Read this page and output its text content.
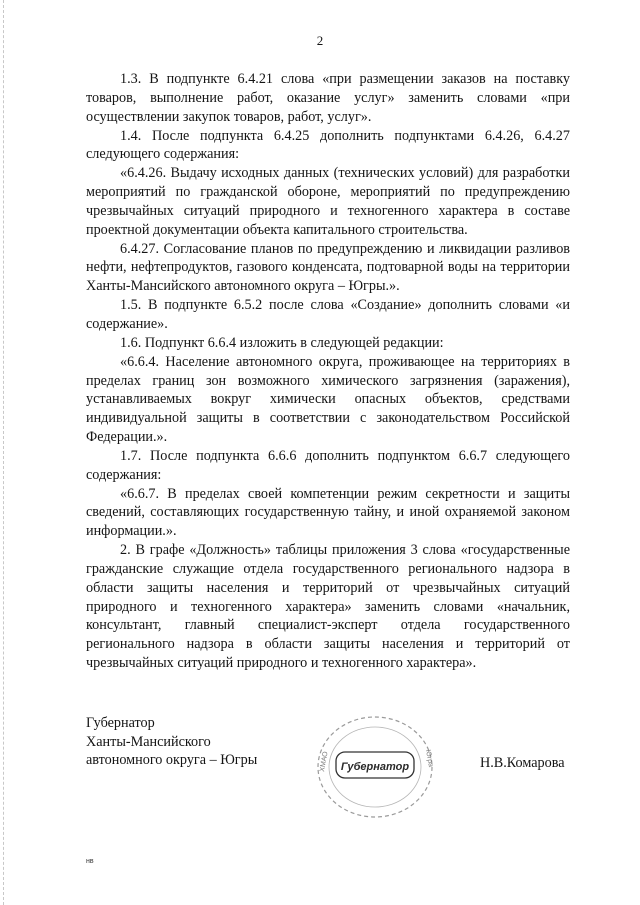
2

1.3. В подпункте 6.4.21 слова «при размещении заказов на поставку товаров, выполнение работ, оказание услуг» заменить словами «при осуществлении закупок товаров, работ, услуг».

1.4. После подпункта 6.4.25 дополнить подпунктами 6.4.26, 6.4.27 следующего содержания:

«6.4.26. Выдачу исходных данных (технических условий) для разработки мероприятий по гражданской обороне, мероприятий по предупреждению чрезвычайных ситуаций природного и техногенного характера в составе проектной документации объекта капитального строительства.

6.4.27. Согласование планов по предупреждению и ликвидации разливов нефти, нефтепродуктов, газового конденсата, подтоварной воды на территории Ханты-Мансийского автономного округа – Югры.».

1.5. В подпункте 6.5.2 после слова «Создание» дополнить словами «и содержание».

1.6. Подпункт 6.6.4 изложить в следующей редакции:

«6.6.4. Население автономного округа, проживающее на территориях в пределах границ зон возможного химического загрязнения (заражения), устанавливаемых вокруг химически опасных объектов, средствами индивидуальной защиты в соответствии с законодательством Российской Федерации.».

1.7. После подпункта 6.6.6 дополнить подпунктом 6.6.7 следующего содержания:

«6.6.7. В пределах своей компетенции режим секретности и защиты сведений, составляющих государственную тайну, и иной охраняемой законом информации.».

2. В графе «Должность» таблицы приложения 3 слова «государственные гражданские служащие отдела государственного регионального надзора в области защиты населения и территорий от чрезвычайных ситуаций природного и техногенного характера» заменить словами «начальник, консультант, главный специалист-эксперт отдела государственного регионального надзора в области защиты населения и территорий от чрезвычайных ситуаций природного и техногенного характера».

Губернатор
Ханты-Мансийского
автономного округа – Югры	Губернатор
ХМАО	Югра	Н.В.Комарова
нв
